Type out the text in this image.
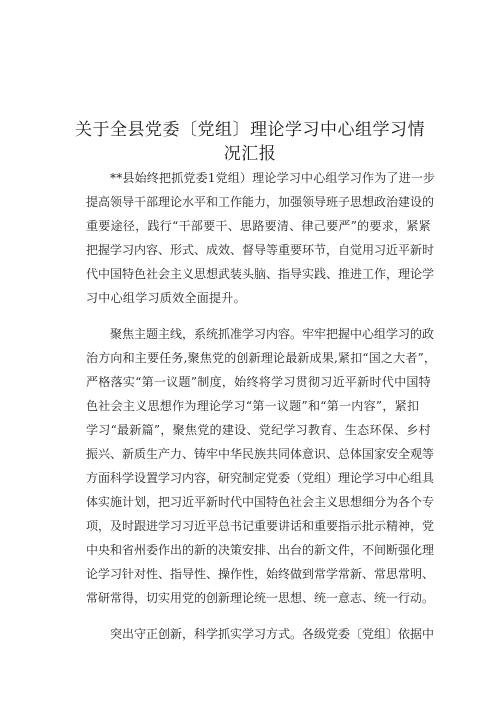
关于全县党委〔党组〕理论学习中心组学习情
况汇报
**县始终把抓党委1党组）理论学习中心组学习作为了进一步
提高领导干部理论水平和工作能力，加强领导班子思想政治建设的
重要途径，践行“干部要干、思路要清、律己要严”的要求，紧紧
把握学习内容、形式、成效、督导等重要环节，自觉用习近平新时
代中国特色社会主义思想武装头脑、指导实践、推进工作，理论学
习中心组学习质效全面提升。
聚焦主题主线，系统抓准学习内容。牢牢把握中心组学习的政
治方向和主要任务,聚焦党的创新理论最新成果,紧扣“国之大者”，
严格落实“第一议题”制度，始终将学习贯彻习近平新时代中国特
色社会主义思想作为理论学习“第一议题”和“第一内容”，紧扣
学习“最新篇”，聚焦党的建设、党纪学习教育、生态环保、乡村
振兴、新质生产力、铸牢中华民族共同体意识、总体国家安全观等
方面科学设置学习内容，研究制定党委（党组）理论学习中心组具
体实施计划，把习近平新时代中国特色社会主义思想细分为各个专
项，及时跟进学习习近平总书记重要讲话和重要指示批示精神，党
中央和省州委作出的新的决策安排、出台的新文件，不间断强化理
论学习针对性、指导性、操作性，始终做到常学常新、常思常明、
常研常得，切实用党的创新理论统一思想、统一意志、统一行动。
突出守正创新，科学抓实学习方式。各级党委〔党组〕依据中
